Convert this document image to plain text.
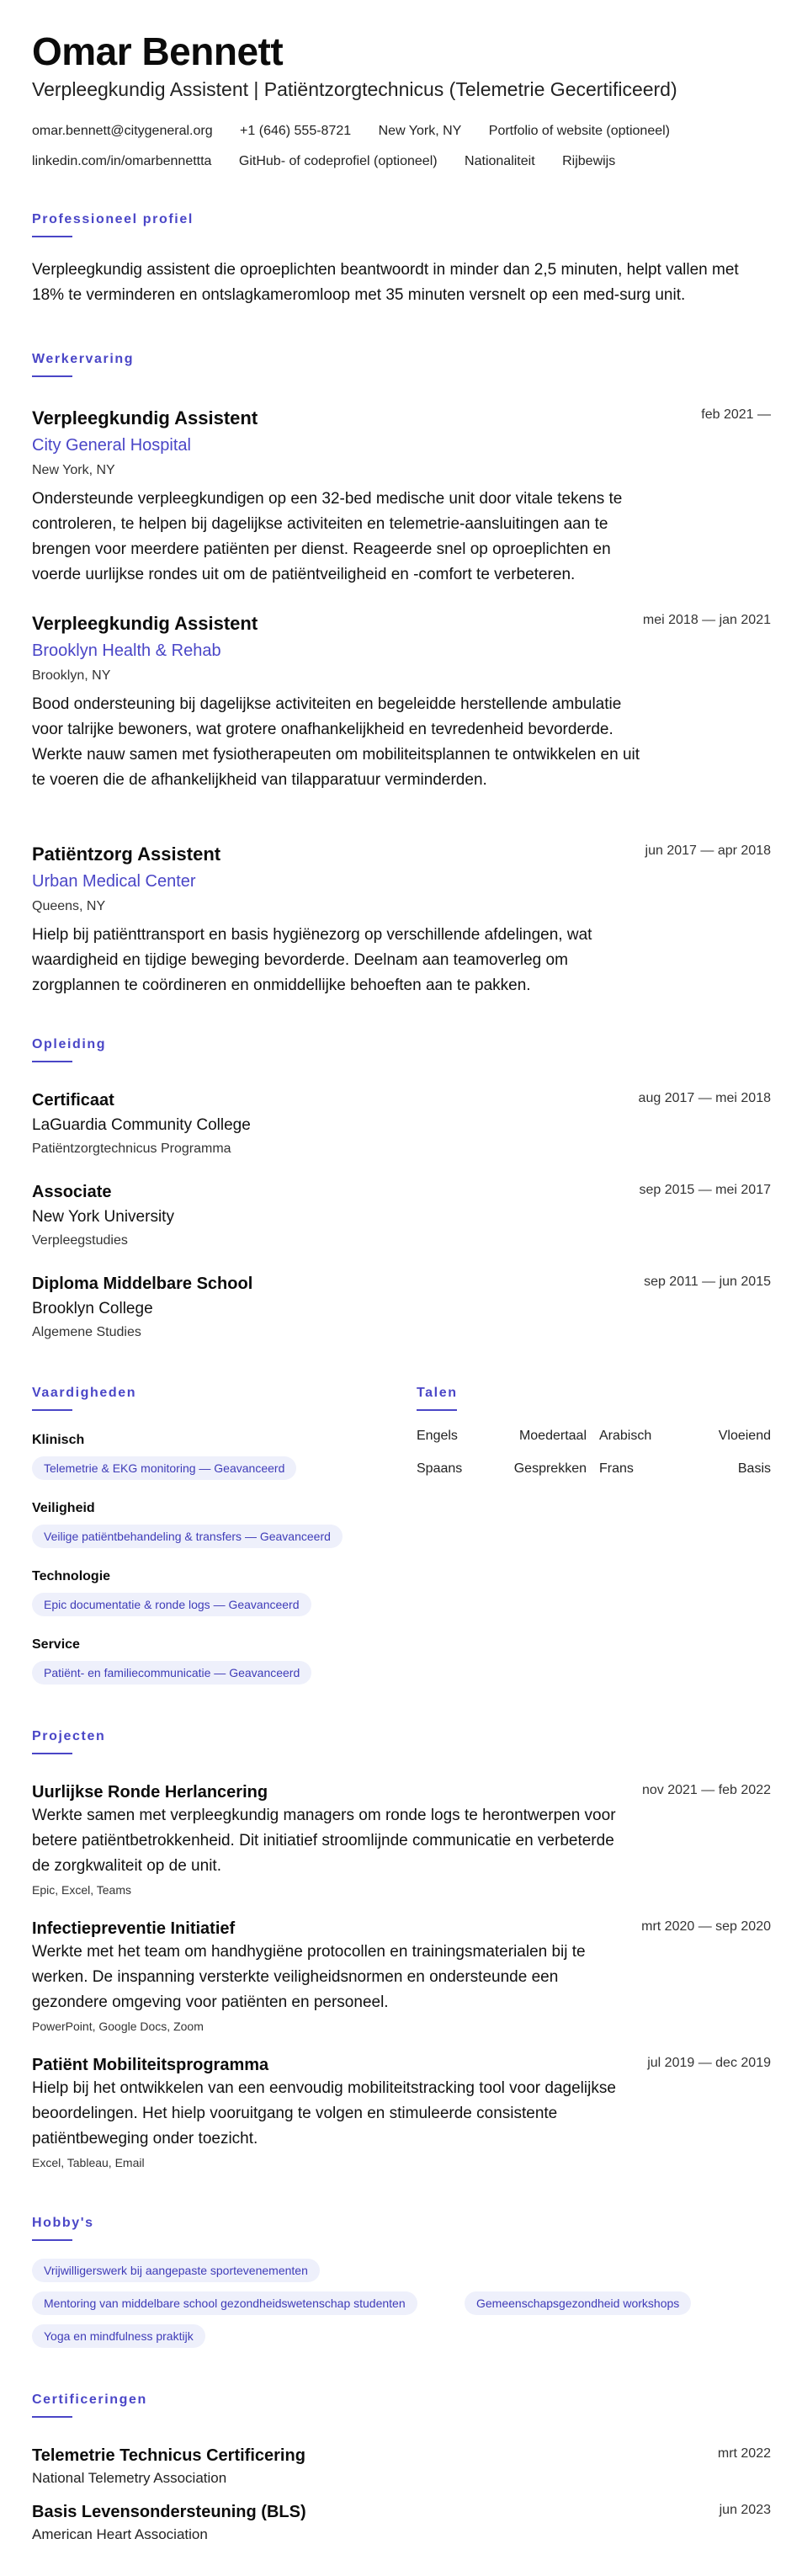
Omar Bennett
Verpleegkundig Assistent | Patiëntzorgtechnicus (Telemetrie Gecertificeerd)
omar.bennett@citygeneral.org +1 (646) 555-8721 New York, NY Portfolio of website (optioneel)
linkedin.com/in/omarbennettta GitHub- of codeprofiel (optioneel) Nationaliteit Rijbewijs
Professioneel profiel
Verpleegkundig assistent die oproeplichten beantwoordt in minder dan 2,5 minuten, helpt vallen met 18% te verminderen en ontslagkameromloop met 35 minuten versnelt op een med-surg unit.
Werkervaring
Verpleegkundig Assistent	feb 2021 —
City General Hospital
New York, NY
Ondersteunde verpleegkundigen op een 32-bed medische unit door vitale tekens te controleren, te helpen bij dagelijkse activiteiten en telemetrie-aansluitingen aan te brengen voor meerdere patiënten per dienst. Reageerde snel op oproeplichten en voerde uurlijkse rondes uit om de patiëntveiligheid en -comfort te verbeteren.
Verpleegkundig Assistent	mei 2018 — jan 2021
Brooklyn Health & Rehab
Brooklyn, NY
Bood ondersteuning bij dagelijkse activiteiten en begeleidde herstellende ambulatie voor talrijke bewoners, wat grotere onafhankelijkheid en tevredenheid bevorderde. Werkte nauw samen met fysiotherapeuten om mobiliteitsplannen te ontwikkelen en uit te voeren die de afhankelijkheid van tilapparatuur verminderden.
Patiëntzorg Assistent	jun 2017 — apr 2018
Urban Medical Center
Queens, NY
Hielp bij patiënttransport en basis hygiënezorg op verschillende afdelingen, wat waardigheid en tijdige beweging bevorderde. Deelnam aan teamoverleg om zorgplannen te coördineren en onmiddellijke behoeften aan te pakken.
Opleiding
Certificaat	aug 2017 — mei 2018
LaGuardia Community College
Patiëntzorgtechnicus Programma
Associate	sep 2015 — mei 2017
New York University
Verpleegstudies
Diploma Middelbare School	sep 2011 — jun 2015
Brooklyn College
Algemene Studies
Vaardigheden
Klinisch
Telemetrie & EKG monitoring — Geavanceerd
Veiligheid
Veilige patiëntbehandeling & transfers — Geavanceerd
Technologie
Epic documentatie & ronde logs — Geavanceerd
Service
Patiënt- en familiecommunicatie — Geavanceerd
Talen
Engels	Moedertaal Arabisch	Vloeiend
Spaans	Gesprekken Frans	Basis
Projecten
Uurlijkse Ronde Herlancering	nov 2021 — feb 2022
Werkte samen met verpleegkundig managers om ronde logs te herontwerpen voor betere patiëntbetrokkenheid. Dit initiatief stroomlijnde communicatie en verbeterde de zorgkwaliteit op de unit.
Epic, Excel, Teams
Infectiepreventie Initiatief	mrt 2020 — sep 2020
Werkte met het team om handhygiëne protocollen en trainingsmaterialen bij te werken. De inspanning versterkte veiligheidsnormen en ondersteunde een gezondere omgeving voor patiënten en personeel.
PowerPoint, Google Docs, Zoom
Patiënt Mobiliteitsprogramma	jul 2019 — dec 2019
Hielp bij het ontwikkelen van een eenvoudig mobiliteitstracking tool voor dagelijkse beoordelingen. Het hielp vooruitgang te volgen en stimuleerde consistente patiëntbeweging onder toezicht.
Excel, Tableau, Email
Hobby's
Vrijwilligerswerk bij aangepaste sportevenementen
Mentoring van middelbare school gezondheidswetenschap studenten	Gemeenschapsgezondheid workshops
Yoga en mindfulness praktijk
Certificeringen
Telemetrie Technicus Certificering	mrt 2022
National Telemetry Association
Basis Levensondersteuning (BLS)	jun 2023
American Heart Association
